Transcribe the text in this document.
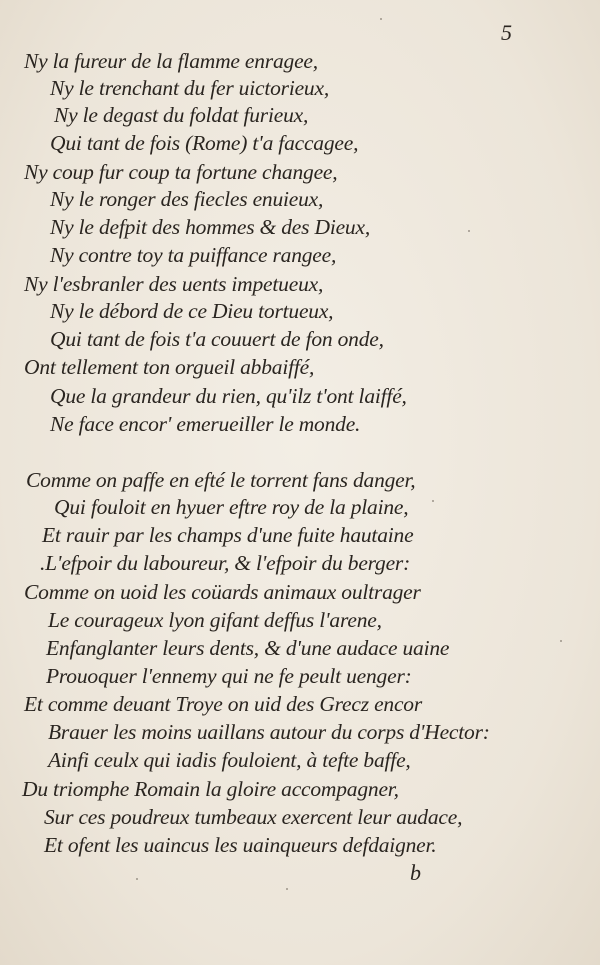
5
Ny la fureur de la flamme enragee,
Ny le trenchant du fer uictorieux,
Ny le degast du foldat furieux,
Qui tant de fois (Rome) t'a faccagee,
Ny coup fur coup ta fortune changee,
Ny le ronger des fiecles enuieux,
Ny le defpit des hommes & des Dieux,
Ny contre toy ta puiffance rangee,
Ny l'esbranler des uents impetueux,
Ny le débord de ce Dieu tortueux,
Qui tant de fois t'a couuert de fon onde,
Ont tellement ton orgueil abbaiffé,
Que la grandeur du rien, qu'ilz t'ont laiffé,
Ne face encor' emerueiller le monde.
Comme on paffe en efté le torrent fans danger,
Qui fouloit en hyuer eftre roy de la plaine,
Et rauir par les champs d'une fuite hautaine
.L'efpoir du laboureur, & l'efpoir du berger:
Comme on uoid les coüards animaux oultrager
Le courageux lyon gifant deffus l'arene,
Enfanglanter leurs dents, & d'une audace uaine
Prouoquer l'ennemy qui ne fe peult uenger:
Et comme deuant Troye on uid des Grecz encor
Brauer les moins uaillans autour du corps d'Hector:
Ainfi ceulx qui iadis fouloient, à tefte baffe,
Du triomphe Romain la gloire accompagner,
Sur ces poudreux tumbeaux exercent leur audace,
Et ofent les uaincus les uainqueurs defdaigner.
b
